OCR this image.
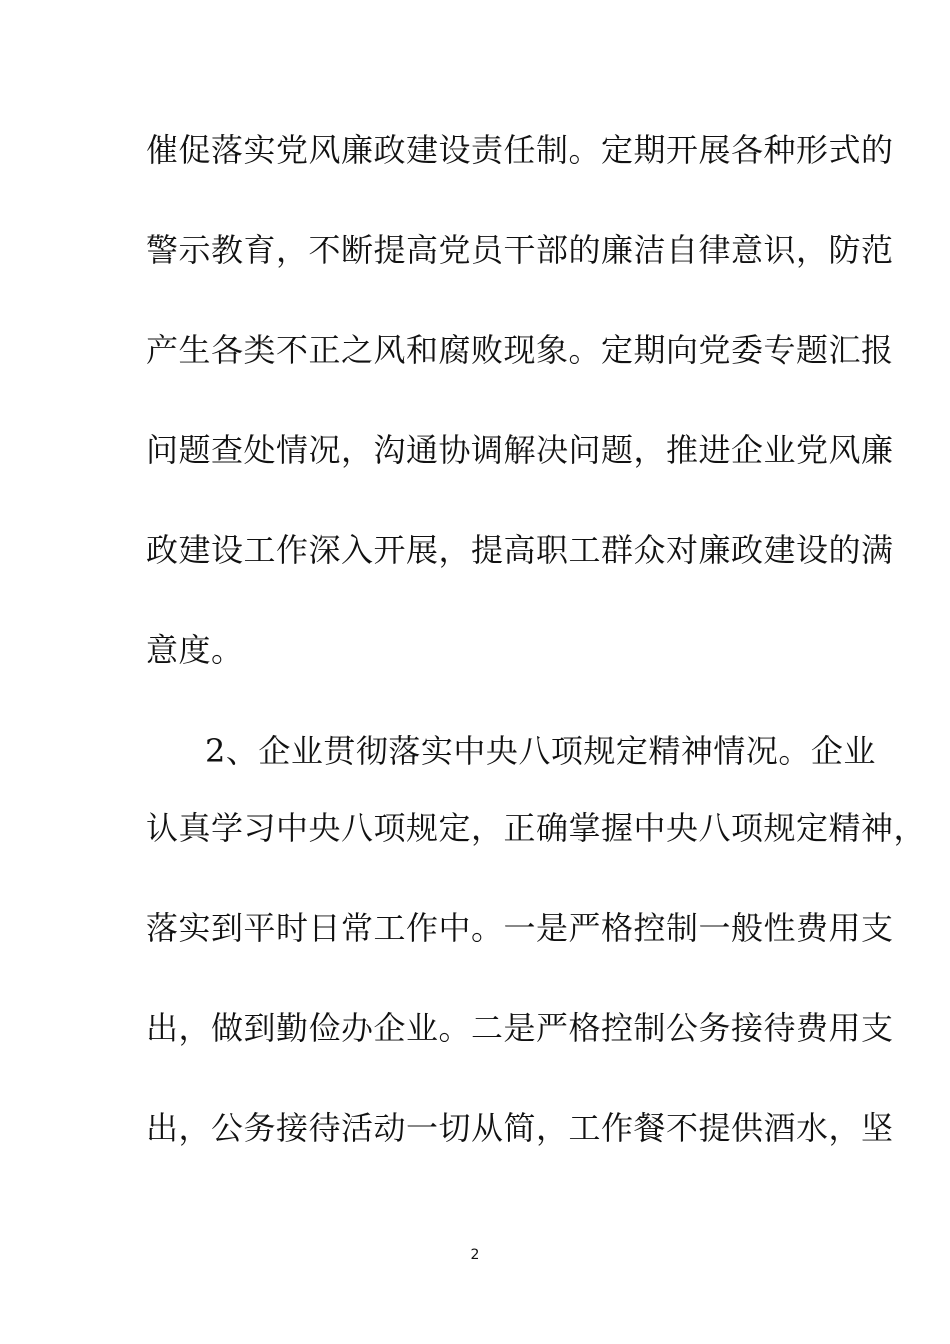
催促落实党风廉政建设责任制。定期开展各种形式的
警示教育，不断提高党员干部的廉洁自律意识，防范
产生各类不正之风和腐败现象。定期向党委专题汇报
问题查处情况，沟通协调解决问题，推进企业党风廉
政建设工作深入开展，提高职工群众对廉政建设的满
意度。
2、企业贯彻落实中央八项规定精神情况。企业
认真学习中央八项规定，正确掌握中央八项规定精神，
落实到平时日常工作中。一是严格控制一般性费用支
出，做到勤俭办企业。二是严格控制公务接待费用支
出，公务接待活动一切从简，工作餐不提供酒水，坚
2
